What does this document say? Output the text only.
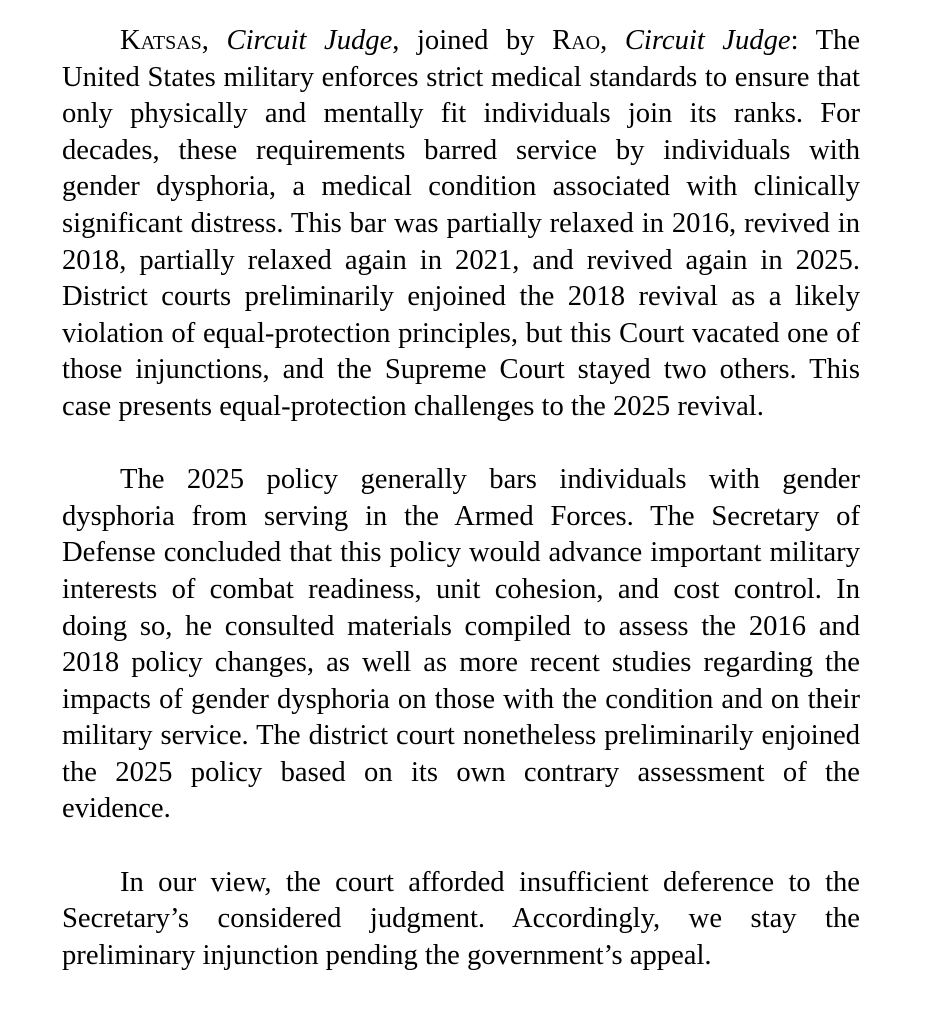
Katsas, Circuit Judge, joined by Rao, Circuit Judge: The United States military enforces strict medical standards to ensure that only physically and mentally fit individuals join its ranks. For decades, these requirements barred service by individuals with gender dysphoria, a medical condition associated with clinically significant distress. This bar was partially relaxed in 2016, revived in 2018, partially relaxed again in 2021, and revived again in 2025. District courts preliminarily enjoined the 2018 revival as a likely violation of equal-protection principles, but this Court vacated one of those injunctions, and the Supreme Court stayed two others. This case presents equal-protection challenges to the 2025 revival.

The 2025 policy generally bars individuals with gender dysphoria from serving in the Armed Forces. The Secretary of Defense concluded that this policy would advance important military interests of combat readiness, unit cohesion, and cost control. In doing so, he consulted materials compiled to assess the 2016 and 2018 policy changes, as well as more recent studies regarding the impacts of gender dysphoria on those with the condition and on their military service. The district court nonetheless preliminarily enjoined the 2025 policy based on its own contrary assessment of the evidence.

In our view, the court afforded insufficient deference to the Secretary’s considered judgment. Accordingly, we stay the preliminary injunction pending the government’s appeal.
